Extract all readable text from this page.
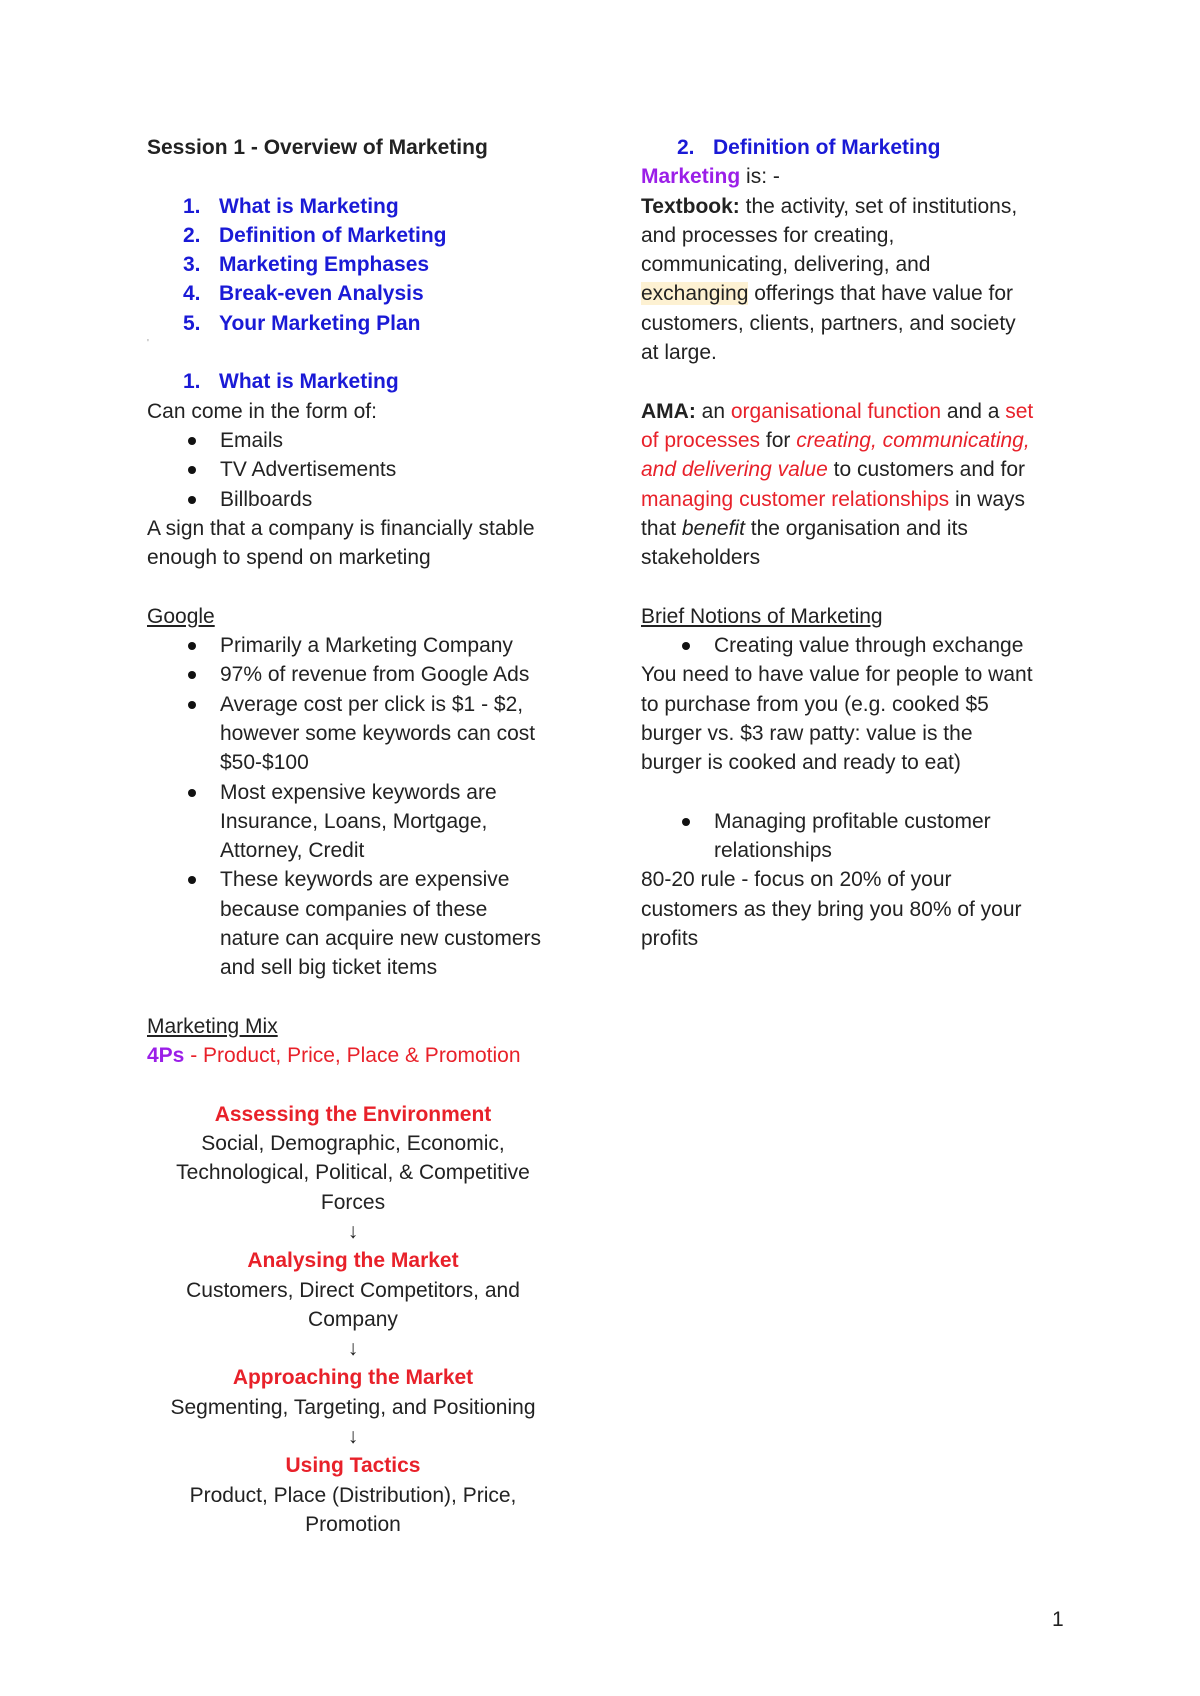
Session 1 - Overview of Marketing

1. What is Marketing
2. Definition of Marketing
3. Marketing Emphases
4. Break-even Analysis
5. Your Marketing Plan
'
1. What is Marketing

Can come in the form of:

Emails
TV Advertisements
Billboards

A sign that a company is financially stable

enough to spend on marketing

Google

Primarily a Marketing Company
97% of revenue from Google Ads
Average cost per click is $1 - $2,
however some keywords can cost
$50-$100
Most expensive keywords are
Insurance, Loans, Mortgage,
Attorney, Credit
These keywords are expensive
because companies of these
nature can acquire new customers
and sell big ticket items

Marketing Mix

4Ps - Product, Price, Place & Promotion

Assessing the Environment
Social, Demographic, Economic,
Technological, Political, & Competitive
Forces
↓
Analysing the Market
Customers, Direct Competitors, and
Company
↓
Approaching the Market
Segmenting, Targeting, and Positioning
↓
Using Tactics
Product, Place (Distribution), Price,
Promotion
2. Definition of Marketing

Marketing is: -

Textbook: the activity, set of institutions,

and processes for creating,

communicating, delivering, and

exchanging offerings that have value for

customers, clients, partners, and society

at large.

AMA: an organisational function and a set

of processes for creating, communicating,

and delivering value to customers and for

managing customer relationships in ways

that benefit the organisation and its

stakeholders

Brief Notions of Marketing

Creating value through exchange

You need to have value for people to want

to purchase from you (e.g. cooked $5

burger vs. $3 raw patty: value is the

burger is cooked and ready to eat)

Managing profitable customer
relationships

80-20 rule - focus on 20% of your

customers as they bring you 80% of your

profits

1
